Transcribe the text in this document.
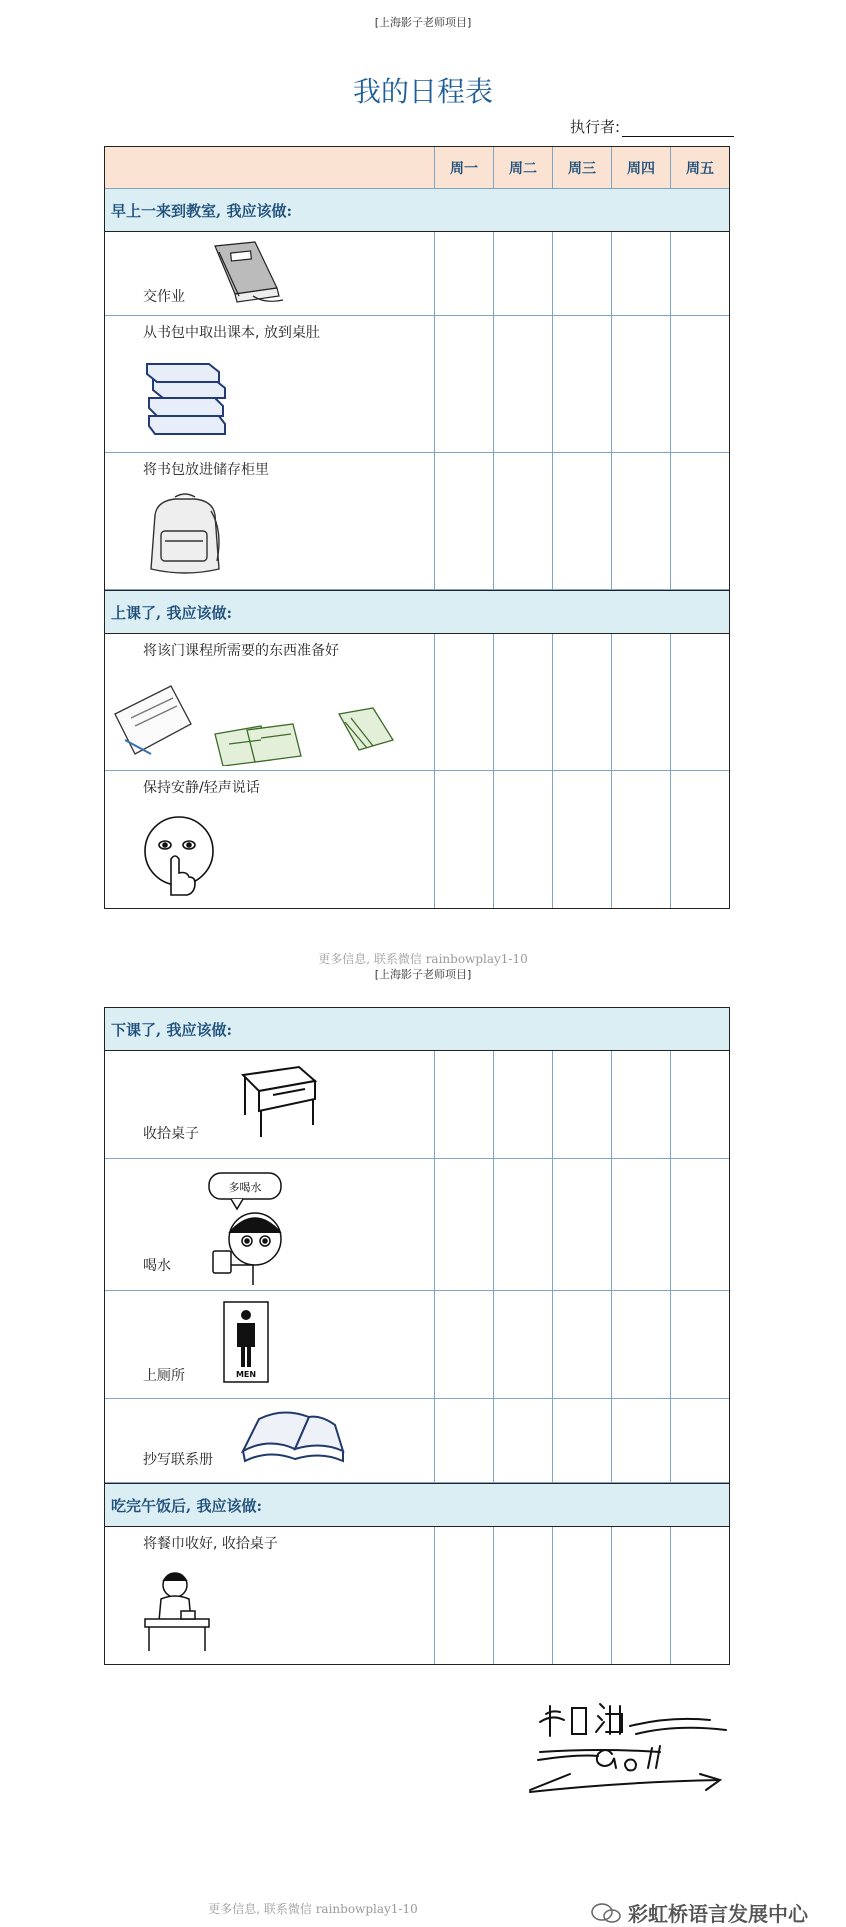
[上海影子老师项目]
我的日程表
执行者:
周一	周二	周三	周四	周五
早上一来到教室, 我应该做:
交作业
从书包中取出课本, 放到桌肚
将书包放进储存柜里
上课了, 我应该做:
将该门课程所需要的东西准备好
保持安静/轻声说话
更多信息, 联系微信 rainbowplay1-10
[上海影子老师项目]
下课了, 我应该做:
收拾桌子
喝水
多喝水
上厕所	MEN
抄写联系册
吃完午饭后, 我应该做:
将餐巾收好, 收拾桌子
更多信息, 联系微信 rainbowplay1-10	彩虹桥语言发展中心
